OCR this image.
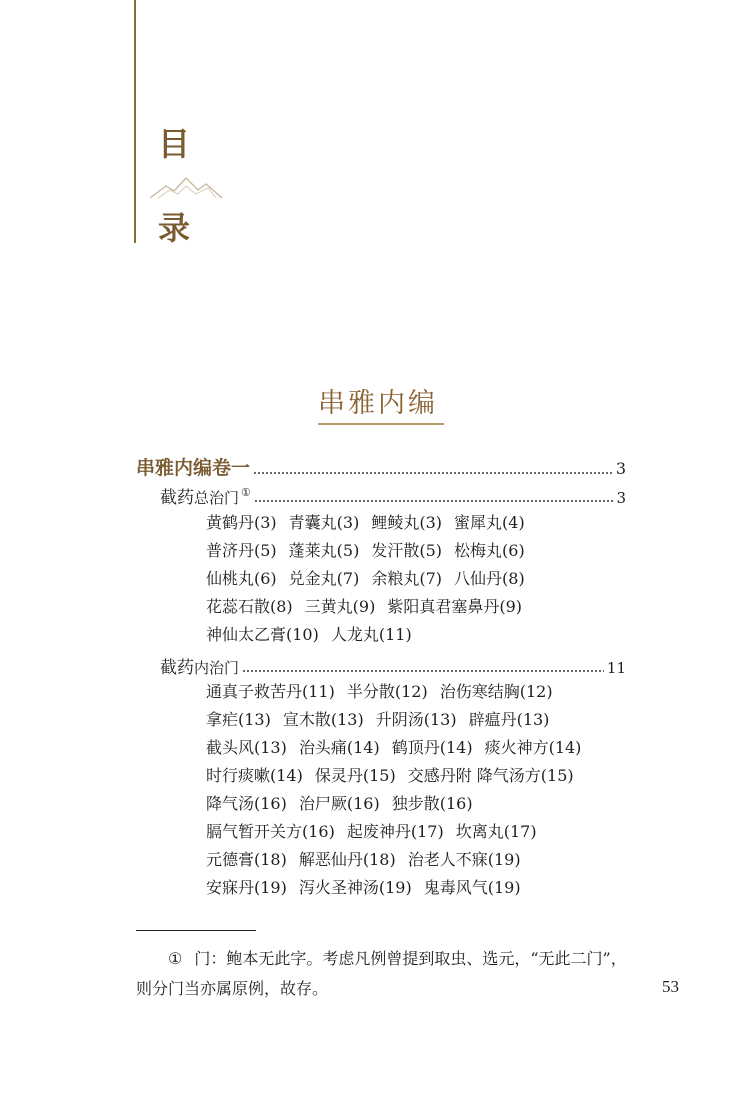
目
录
串雅内编
串雅内编卷一	3
截药总治门 ①	3
黄鹤丹(3) 青囊丸(3) 鲤鲮丸(3) 蜜犀丸(4)
普济丹(5) 蓬莱丸(5) 发汗散(5) 松梅丸(6)
仙桃丸(6) 兑金丸(7) 余粮丸(7) 八仙丹(8)
花蕊石散(8) 三黄丸(9) 紫阳真君塞鼻丹(9)
神仙太乙膏(10) 人龙丸(11)
截药内治门	11
通真子救苦丹(11) 半分散(12) 治伤寒结胸(12)
拿疟(13) 宣木散(13) 升阴汤(13) 辟瘟丹(13)
截头风(13) 治头痛(14) 鹤顶丹(14) 痰火神方(14)
时行痰嗽(14) 保灵丹(15) 交感丹附 降气汤方(15)
降气汤(16) 治尸厥(16) 独步散(16)
膈气暂开关方(16) 起废神丹(17) 坎离丸(17)
元德膏(18) 解恶仙丹(18) 治老人不寐(19)
安寐丹(19) 泻火圣神汤(19) 鬼毒风气(19)
① 门：鲍本无此字。考虑凡例曾提到取虫、选元，“无此二门”，则分门当亦属原例，故存。	53
